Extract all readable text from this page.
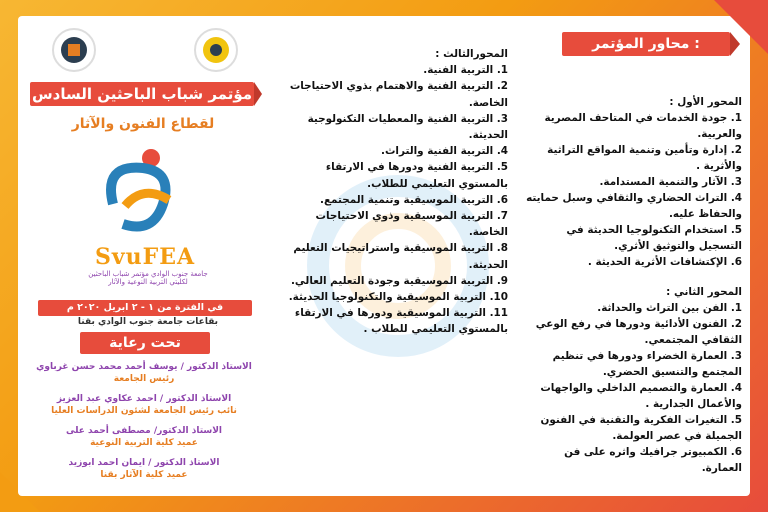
مؤتمر شباب الباحثين السادس
لقطاع الفنون والآثار
SvuFEA
جامعة جنوب الوادي مؤتمر شباب الباحثين لكليتي التربية النوعية والآثار
في الفترة من ١ - ٢ ابريل ٢٠٢٠ م
بقاعات جامعة جنوب الوادي بقنا
تحت رعاية
الاستاذ الدكتور / يوسف أحمد محمد حسن غرباوي
رئيس الجامعة
الاستاذ الدكتور / احمد عكاوي عبد العزيز
نائب رئيس الجامعة لشئون الدراسات العليا
الاستاذ الدكتور/ مصطفى أحمد على
عميد كلية التربية النوعية
الاستاذ الدكتور / ايمان احمد ابوزيد
عميد كلية الآثار بقنا

المحورالثالث :

1. التربية الفنية.

2. التربية الفنية والاهتمام بذوي الاحتياجات الخاصة.

3. التربية الفنية والمعطيات التكنولوجية الحديثة.

4. التربية الفنية والتراث.

5. التربية الفنية ودورها في الارتقاء بالمستوي التعليمي للطلاب.

6. التربية الموسيقية وتنمية المجتمع.

7. التربية الموسيقية وذوي الاحتياجات الخاصة.

8. التربية الموسيقية واستراتيجيات التعليم الحديثة.

9. التربية الموسيقية وجودة التعليم العالي.

10. التربية الموسيقية والتكنولوجيا الحديثة.

11. التربية الموسيقية ودورها في الارتقاء بالمستوي التعليمي للطلاب .

محاور المؤتمر :

المحور الأول :

1. جودة الخدمات في المتاحف المصرية والعربية.

2. إدارة وتأمين وتنمية المواقع التراثية والأثرية .

3. الآثار والتنمية المستدامة.

4. التراث الحضاري والثقافي وسبل حمايته والحفاظ عليه.

5. استخدام التكنولوجيا الحديثة في التسجيل والتوثيق الأثري.

6. الإكتشافات الأثرية الحديثة .

المحور الثاني :

1. الفن بين التراث والحداثة.

2. الفنون الأدائية ودورها في رفع الوعي الثقافي المجتمعي.

3. العمارة الخضراء ودورها في تنظيم المجتمع والتنسيق الحضري.

4. العمارة والتصميم الداخلي والواجهات والأعمال الجدارية .

5. التغيرات الفكرية والتقنية في الفنون الجميلة في عصر العولمة.

6. الكمبيوتر جرافيك واثره على فن العمارة.
